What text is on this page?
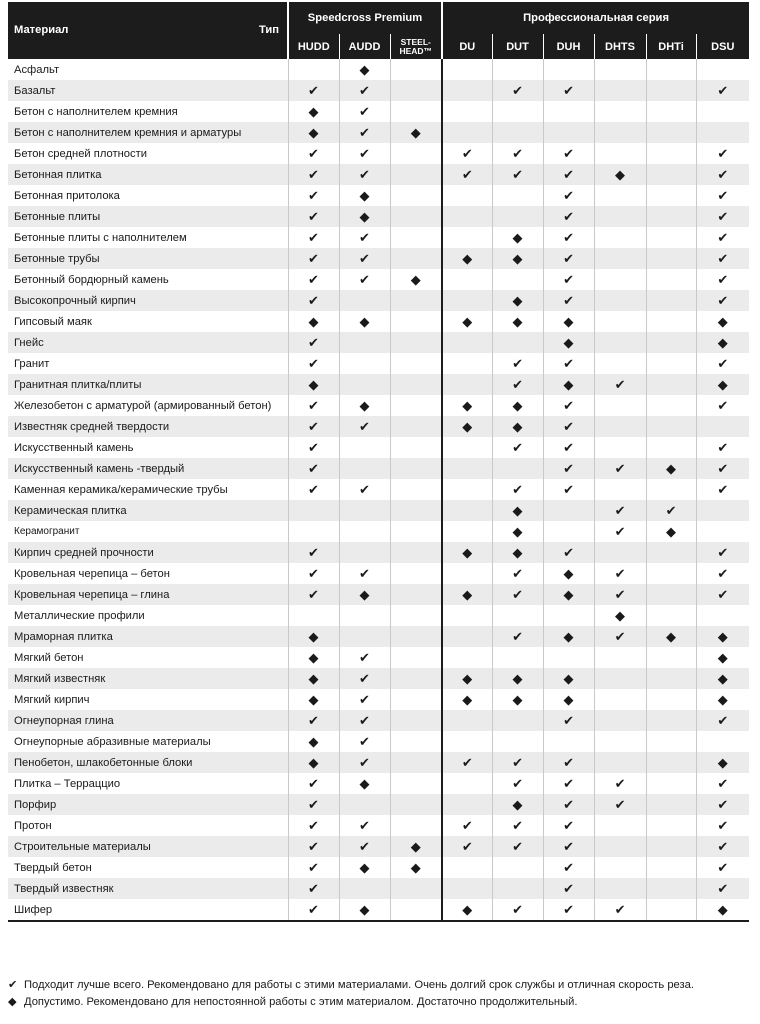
Материал Тип	Speedcross Premium			Профессиональная серия					
	HUDD	AUDD	STEEL-HEAD™	DU	DUT	DUH	DHTS	DHTi	DSU
Асфальт		◆							
Базальт	✔	✔			✔	✔			✔
Бетон с наполнителем кремния	◆	✔							
Бетон с наполнителем кремния и арматуры	◆	✔	◆						
Бетон средней плотности	✔	✔		✔	✔	✔			✔
Бетонная плитка	✔	✔		✔	✔	✔	◆		✔
Бетонная притолока	✔	◆				✔			✔
Бетонные плиты	✔	◆				✔			✔
Бетонные плиты с наполнителем	✔	✔			◆	✔			✔
Бетонные трубы	✔	✔		◆	◆	✔			✔
Бетонный бордюрный камень	✔	✔	◆			✔			✔
Высокопрочный кирпич	✔				◆	✔			✔
Гипсовый маяк	◆	◆		◆	◆	◆			◆
Гнейс	✔					◆			◆
Гранит	✔				✔	✔			✔
Гранитная плитка/плиты	◆				✔	◆	✔		◆
Железобетон с арматурой (армированный бетон)	✔	◆		◆	◆	✔			✔
Известняк средней твердости	✔	✔		◆	◆	✔			
Искусственный камень	✔				✔	✔			✔
Искусственный камень -твердый	✔					✔	✔	◆	✔
Каменная керамика/керамические трубы	✔	✔			✔	✔			✔
Керамическая плитка					◆		✔	✔	
Керамогранит					◆		✔	◆	
Кирпич средней прочности	✔			◆	◆	✔			✔
Кровельная черепица – бетон	✔	✔			✔	◆	✔		✔
Кровельная черепица – глина	✔	◆		◆	✔	◆	✔		✔
Металлические профили							◆		
Мраморная плитка	◆				✔	◆	✔	◆	◆
Мягкий бетон	◆	✔							◆
Мягкий известняк	◆	✔		◆	◆	◆			◆
Мягкий кирпич	◆	✔		◆	◆	◆			◆
Огнеупорная глина	✔	✔				✔			✔
Огнеупорные абразивные материалы	◆	✔							
Пенобетон, шлакобетонные блоки	◆	✔		✔	✔	✔			◆
Плитка – Терраццио	✔	◆			✔	✔	✔		✔
Порфир	✔				◆	✔	✔		✔
Протон	✔	✔		✔	✔	✔			✔
Строительные материалы	✔	✔	◆	✔	✔	✔			✔
Твердый бетон	✔	◆	◆			✔			✔
Твердый известняк	✔					✔			✔
Шифер	✔	◆		◆	✔	✔	✔		◆
✔ Подходит лучше всего. Рекомендовано для работы с этими материалами. Очень долгий срок службы и отличная скорость реза.
◆ Допустимо. Рекомендовано для непостоянной работы с этим материалом. Достаточно продолжительный.
